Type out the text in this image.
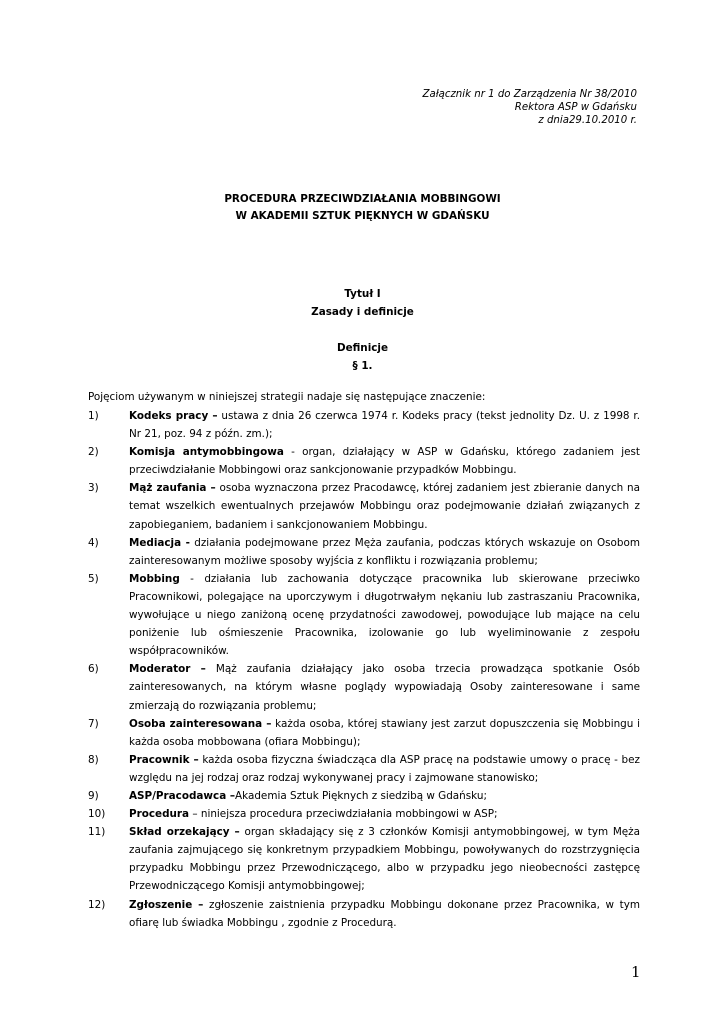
Załącznik nr 1 do Zarządzenia Nr 38/2010
Rektora ASP w Gdańsku
z dnia29.10.2010 r.
PROCEDURA PRZECIWDZIAŁANIA MOBBINGOWI
W AKADEMII SZTUK PIĘKNYCH W GDAŃSKU
Tytuł I
Zasady i definicje
Definicje
§ 1.
Pojęciom używanym w niniejszej strategii nadaje się następujące znaczenie:
1)	Kodeks pracy – ustawa z dnia 26 czerwca 1974 r. Kodeks pracy (tekst jednolity Dz. U. z 1998 r. Nr 21, poz. 94 z późn. zm.);
2)	Komisja antymobbingowa - organ, działający w ASP w Gdańsku, którego zadaniem jest przeciwdziałanie Mobbingowi oraz sankcjonowanie przypadków Mobbingu.
3)	Mąż zaufania – osoba wyznaczona przez Pracodawcę, której zadaniem jest zbieranie danych na temat wszelkich ewentualnych przejawów Mobbingu oraz podejmowanie działań związanych z zapobieganiem, badaniem i sankcjonowaniem Mobbingu.
4)	Mediacja - działania podejmowane przez Męża zaufania, podczas których wskazuje on Osobom zainteresowanym możliwe sposoby wyjścia z konfliktu i rozwiązania problemu;
5)	Mobbing - działania lub zachowania dotyczące pracownika lub skierowane przeciwko Pracownikowi, polegające na uporczywym i długotrwałym nękaniu lub zastraszaniu Pracownika, wywołujące u niego zaniżoną ocenę przydatności zawodowej, powodujące lub mające na celu poniżenie lub ośmieszenie Pracownika, izolowanie go lub wyeliminowanie z zespołu współpracowników.
6)	Moderator – Mąż zaufania działający jako osoba trzecia prowadząca spotkanie Osób zainteresowanych, na którym własne poglądy wypowiadają Osoby zainteresowane i same zmierzają do rozwiązania problemu;
7)	Osoba zainteresowana – każda osoba, której stawiany jest zarzut dopuszczenia się Mobbingu i każda osoba mobbowana (ofiara Mobbingu);
8)	Pracownik – każda osoba fizyczna świadcząca dla ASP pracę na podstawie umowy o pracę - bez względu na jej rodzaj oraz rodzaj wykonywanej pracy i zajmowane stanowisko;
9)	ASP/Pracodawca –Akademia Sztuk Pięknych z siedzibą w Gdańsku;
10)	Procedura – niniejsza procedura przeciwdziałania mobbingowi w ASP;
11)	Skład orzekający – organ składający się z 3 członków Komisji antymobbingowej, w tym Męża zaufania zajmującego się konkretnym przypadkiem Mobbingu, powoływanych do rozstrzygnięcia przypadku Mobbingu przez Przewodniczącego, albo w przypadku jego nieobecności zastępcę Przewodniczącego Komisji antymobbingowej;
12)	Zgłoszenie – zgłoszenie zaistnienia przypadku Mobbingu dokonane przez Pracownika, w tym ofiarę lub świadka Mobbingu , zgodnie z Procedurą.
1
